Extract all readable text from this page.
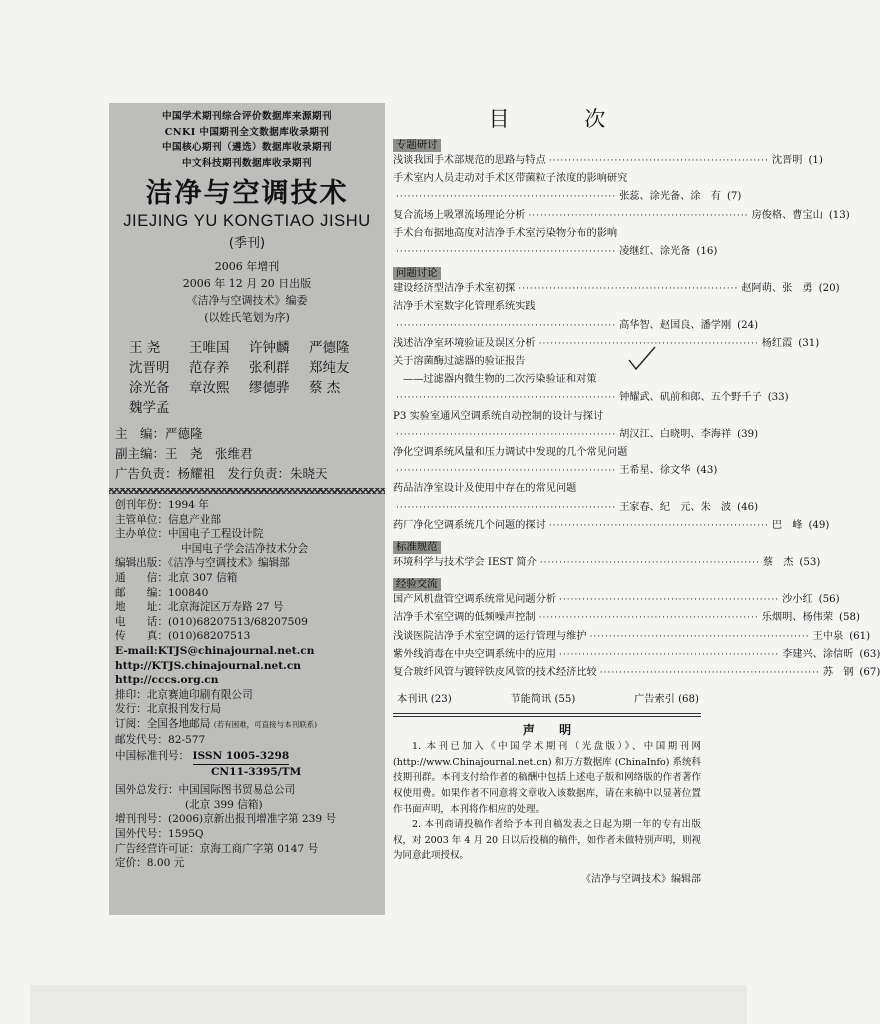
中国学术期刊综合评价数据库来源期刊
CNKI 中国期刊全文数据库收录期刊
中国核心期刊（遴选）数据库收录期刊
中文科技期刊数据库收录期刊
洁净与空调技术
JIEJING YU KONGTIAO JISHU
(季刊)
2006 年增刊
2006 年 12 月 20 日出版
《洁净与空调技术》编委
(以姓氏笔划为序)
王 尧	王唯国	许钟麟	严德隆
沈晋明	范存养	张利群	郑纯友
涂光备	章汝熙	缪德骅	蔡 杰
魏学孟
主　编：严德隆
副主编：王　尧　张维君
广告负责：杨耀祖　发行负责：朱晓天
创刊年份：1994 年
主管单位：信息产业部
主办单位：中国电子工程设计院
中国电子学会洁净技术分会
编辑出版：《洁净与空调技术》编辑部
通　　信：北京 307 信箱
邮　　编：100840
地　　址：北京海淀区万寿路 27 号
电　　话：(010)68207513/68207509
传　　真：(010)68207513
E-mail:KTJS@chinajournal.net.cn
http://KTJS.chinajournal.net.cn
http://cccs.org.cn
排印：北京赛迪印刷有限公司
发行：北京报刊发行局
订阅：全国各地邮局 (若有困难，可直接与本刊联系)
邮发代号：82-577
中国标准刊号： ISSN 1005-3298
CN11-3395/TM
国外总发行：中国国际图书贸易总公司
(北京 399 信箱)
增刊刊号：(2006)京新出报刊增准字第 239 号
国外代号：1595Q
广告经营许可证：京海工商广字第 0147 号
定价：8.00 元
目 次
专题研讨
浅谈我国手术部规范的思路与特点 ························································· 沈晋明 (1)
手术室内人员走动对手术区带菌粒子浓度的影响研究
························································· 张蕊、涂光备、涂　有 (7)
复合流场上吸罩流场理论分析 ························································· 房俊格、曹宝山 (13)
手术台布据地高度对洁净手术室污染物分布的影响
························································· 凌继红、涂光备 (16)
问题讨论
建设经济型洁净手术室初探 ························································· 赵阿萌、张　勇 (20)
洁净手术室数字化管理系统实践
························································· 高华智、赵国良、潘学刚 (24)
浅述洁净室环境验证及误区分析 ························································· 杨红霞 (31)
关于溶菌酶过滤器的验证报告
——过滤器内微生物的二次污染验证和对策
························································· 钟耀武、矶前和郎、五个野千子 (33)
P3 实验室通风空调系统自动控制的设计与探讨
························································· 胡汉江、白晓明、李海祥 (39)
净化空调系统风量和压力调试中发现的几个常见问题
························································· 王希星、徐文华 (43)
药品洁净室设计及使用中存在的常见问题
························································· 王家春、纪　元、朱　波 (46)
药厂净化空调系统几个问题的探讨 ························································· 巴　峰 (49)
标准规范
环境科学与技术学会 IEST 简介 ························································· 蔡　杰 (53)
经验交流
国产风机盘管空调系统常见问题分析 ························································· 沙小红 (56)
洁净手术室空调的低频噪声控制 ························································· 乐烟明、杨伟荣 (58)
浅谈医院洁净手术室空调的运行管理与维护 ························································· 王中泉 (61)
紫外线消毒在中央空调系统中的应用 ························································· 李建兴、涂信昕 (63)
复合玻纤风管与镀锌铁皮风管的技术经济比较 ························································· 苏　钢 (67)
本刊讯 (23)	节能简讯 (55)	广告索引 (68)
声 明

1. 本刊已加入《中国学术期刊（光盘版）》、中国期刊网 (http://www.Chinajournal.net.cn) 和万方数据库 (ChinaInfo) 系统科技期刊群。本刊支付给作者的稿酬中包括上述电子版和网络版的作者著作权使用费。如果作者不同意将文章收入该数据库，请在来稿中以显著位置作书面声明，本刊将作相应的处理。

2. 本刊商请投稿作者给予本刊自稿发表之日起为期一年的专有出版权，对 2003 年 4 月 20 日以后投稿的稿件，如作者未做特别声明，则视为同意此项授权。

《洁净与空调技术》编辑部
